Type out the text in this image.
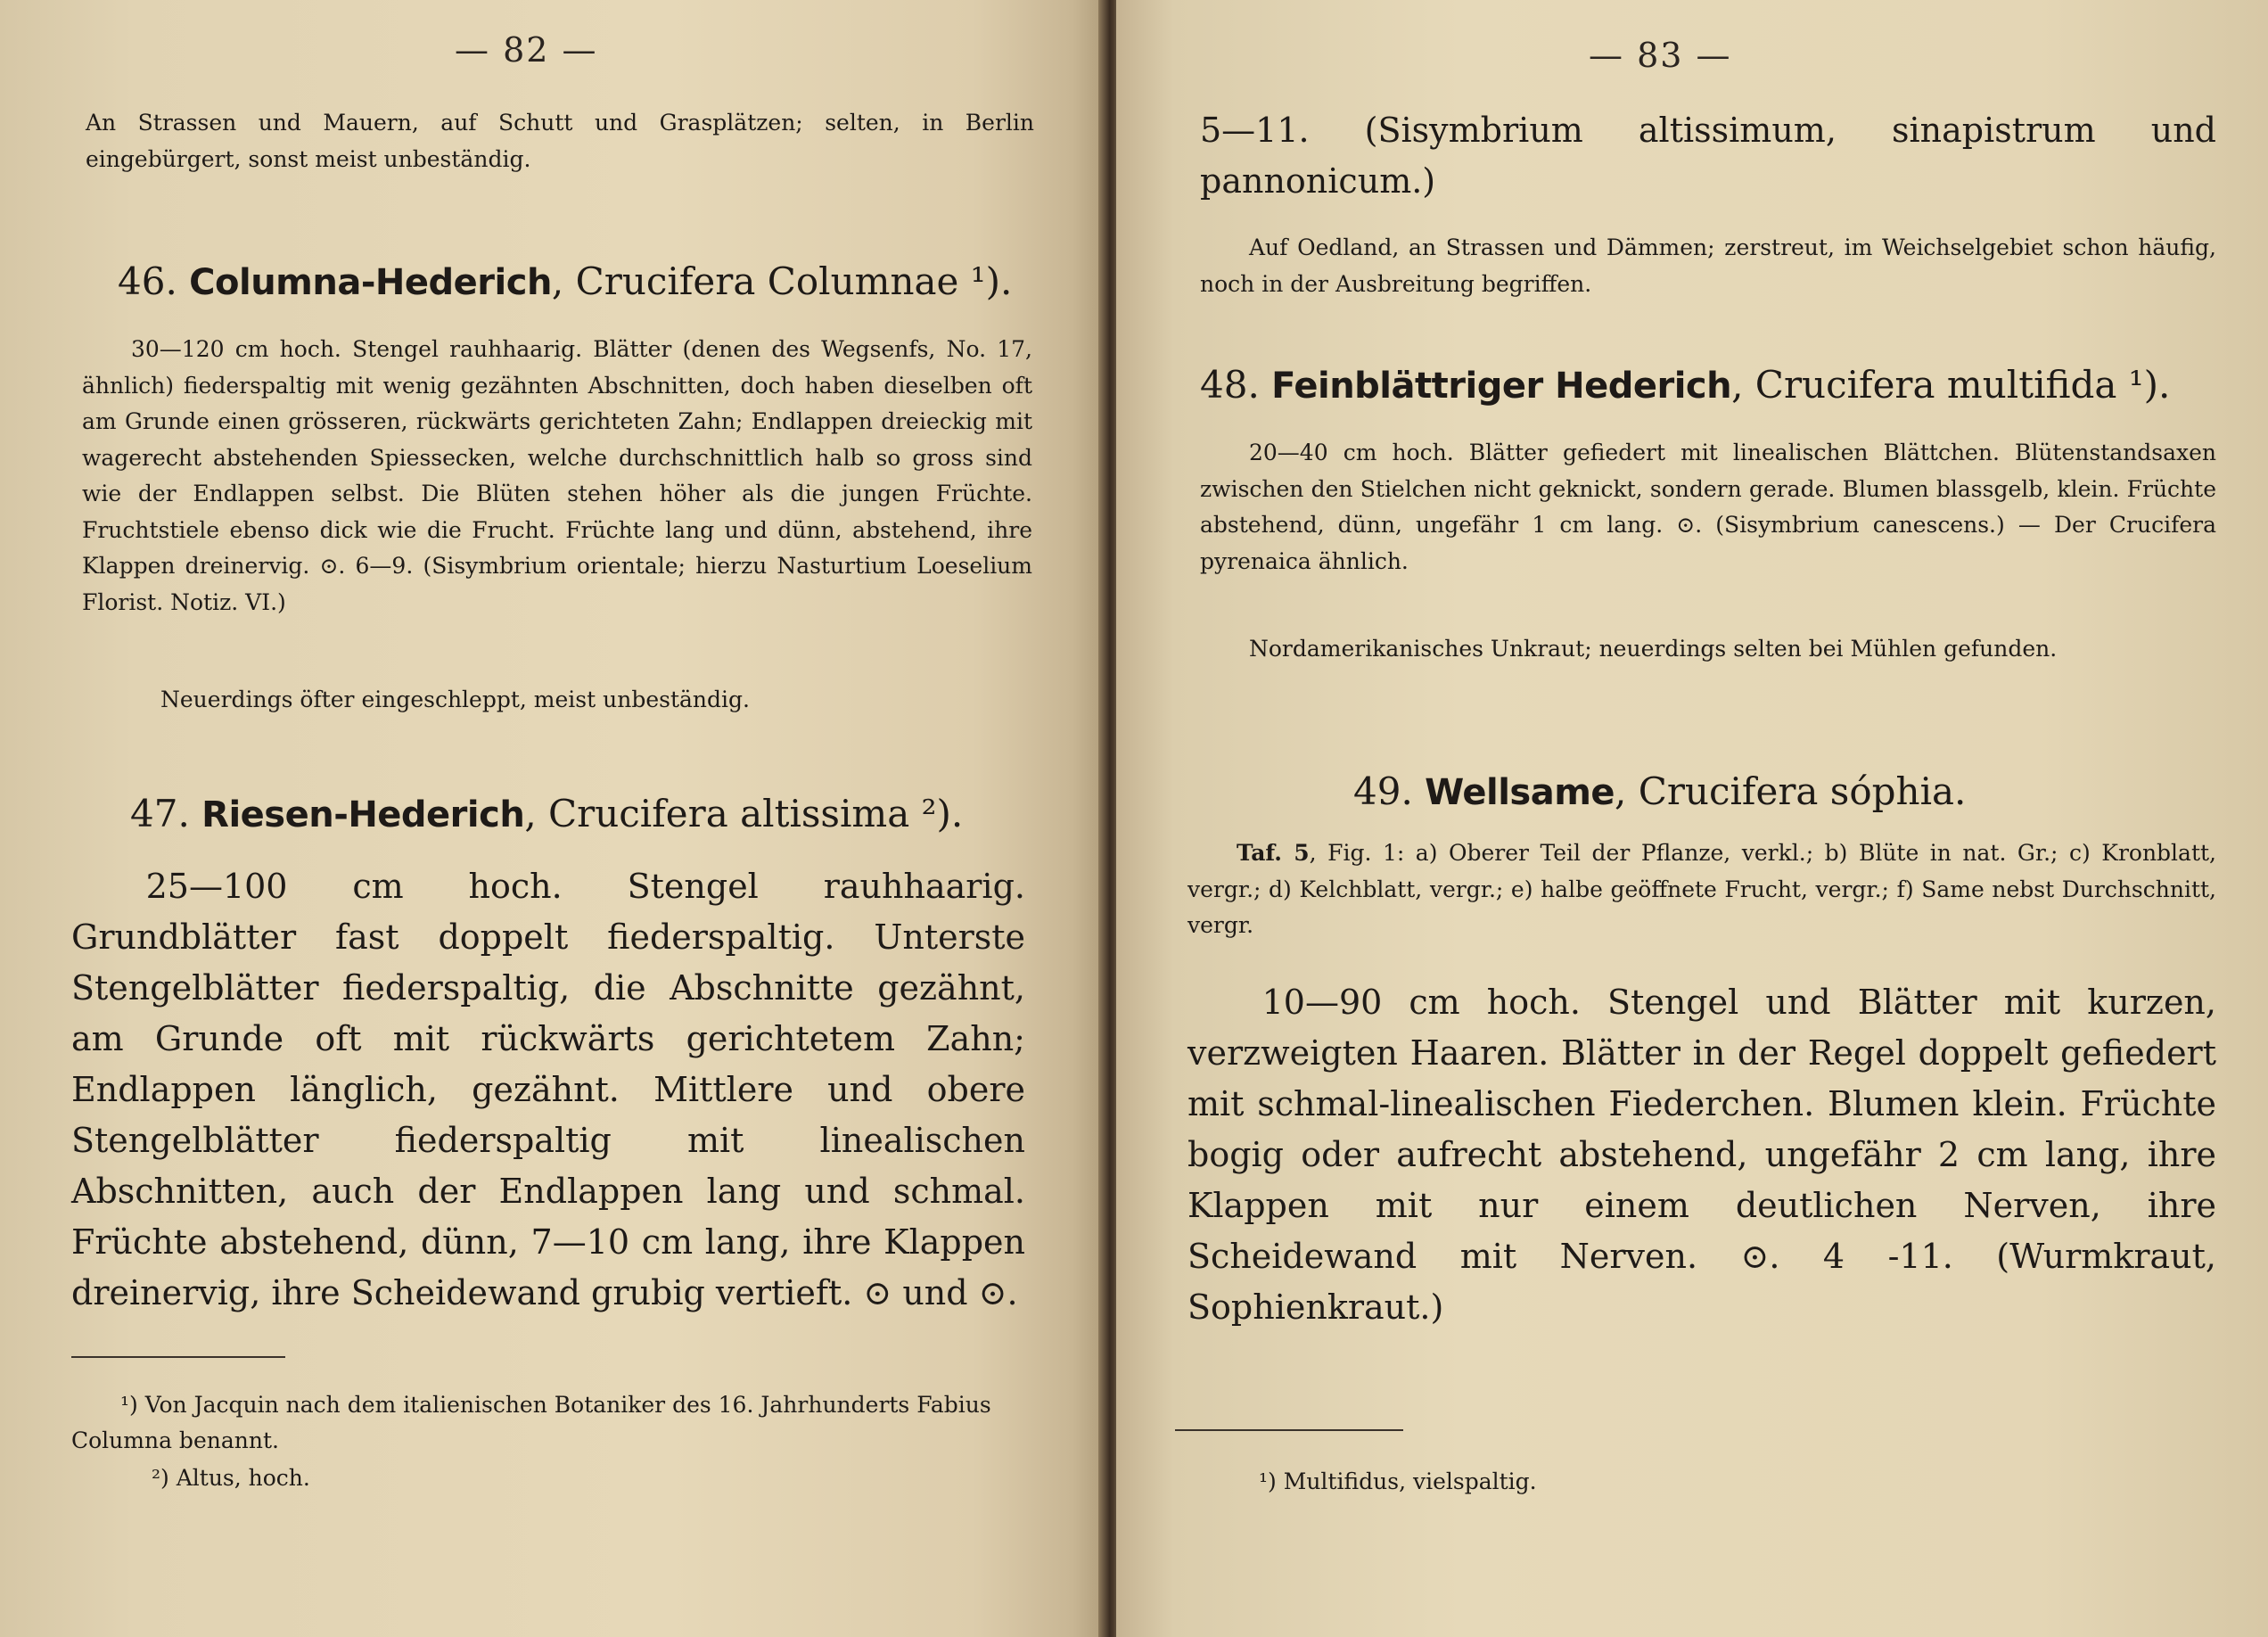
— 82 —
An Strassen und Mauern, auf Schutt und Grasplätzen; selten, in Berlin eingebürgert, sonst meist unbeständig.
46. Columna-Hederich, Crucifera Columnae ¹).
30—120 cm hoch. Stengel rauhhaarig. Blätter (denen des Wegsenfs, No. 17, ähnlich) fiederspaltig mit wenig gezähnten Abschnitten, doch haben dieselben oft am Grunde einen grösseren, rückwärts gerichteten Zahn; Endlappen dreieckig mit wagerecht abstehenden Spiessecken, welche durchschnittlich halb so gross sind wie der Endlappen selbst. Die Blüten stehen höher als die jungen Früchte. Fruchtstiele ebenso dick wie die Frucht. Früchte lang und dünn, abstehend, ihre Klappen dreinervig. ⊙. 6—9. (Sisymbrium orientale; hierzu Nasturtium Loeselium Florist. Notiz. VI.)
Neuerdings öfter eingeschleppt, meist unbeständig.
47. Riesen-Hederich, Crucifera altissima ²).
25—100 cm hoch. Stengel rauhhaarig. Grundblätter fast doppelt fiederspaltig. Unterste Stengelblätter fiederspaltig, die Abschnitte gezähnt, am Grunde oft mit rückwärts gerichtetem Zahn; Endlappen länglich, gezähnt. Mittlere und obere Stengelblätter fiederspaltig mit linealischen Abschnitten, auch der Endlappen lang und schmal. Früchte abstehend, dünn, 7—10 cm lang, ihre Klappen dreinervig, ihre Scheidewand grubig vertieft. ⊙ und ⊙.
¹) Von Jacquin nach dem italienischen Botaniker des 16. Jahrhunderts Fabius Columna benannt.
²) Altus, hoch.
— 83 —
5—11. (Sisymbrium altissimum, sinapistrum und pannonicum.)
Auf Oedland, an Strassen und Dämmen; zerstreut, im Weichselgebiet schon häufig, noch in der Ausbreitung begriffen.
48. Feinblättriger Hederich, Crucifera multifida ¹).
20—40 cm hoch. Blätter gefiedert mit linealischen Blättchen. Blütenstandsaxen zwischen den Stielchen nicht geknickt, sondern gerade. Blumen blassgelb, klein. Früchte abstehend, dünn, ungefähr 1 cm lang. ⊙. (Sisymbrium canescens.) — Der Crucifera pyrenaica ähnlich.
Nordamerikanisches Unkraut; neuerdings selten bei Mühlen gefunden.
49. Wellsame, Crucifera sóphia.
Taf. 5, Fig. 1: a) Oberer Teil der Pflanze, verkl.; b) Blüte in nat. Gr.; c) Kronblatt, vergr.; d) Kelchblatt, vergr.; e) halbe geöffnete Frucht, vergr.; f) Same nebst Durchschnitt, vergr.
10—90 cm hoch. Stengel und Blätter mit kurzen, verzweigten Haaren. Blätter in der Regel doppelt gefiedert mit schmal-linealischen Fiederchen. Blumen klein. Früchte bogig oder aufrecht abstehend, ungefähr 2 cm lang, ihre Klappen mit nur einem deutlichen Nerven, ihre Scheidewand mit Nerven. ⊙. 4 -11. (Wurmkraut, Sophienkraut.)
¹) Multifidus, vielspaltig.
